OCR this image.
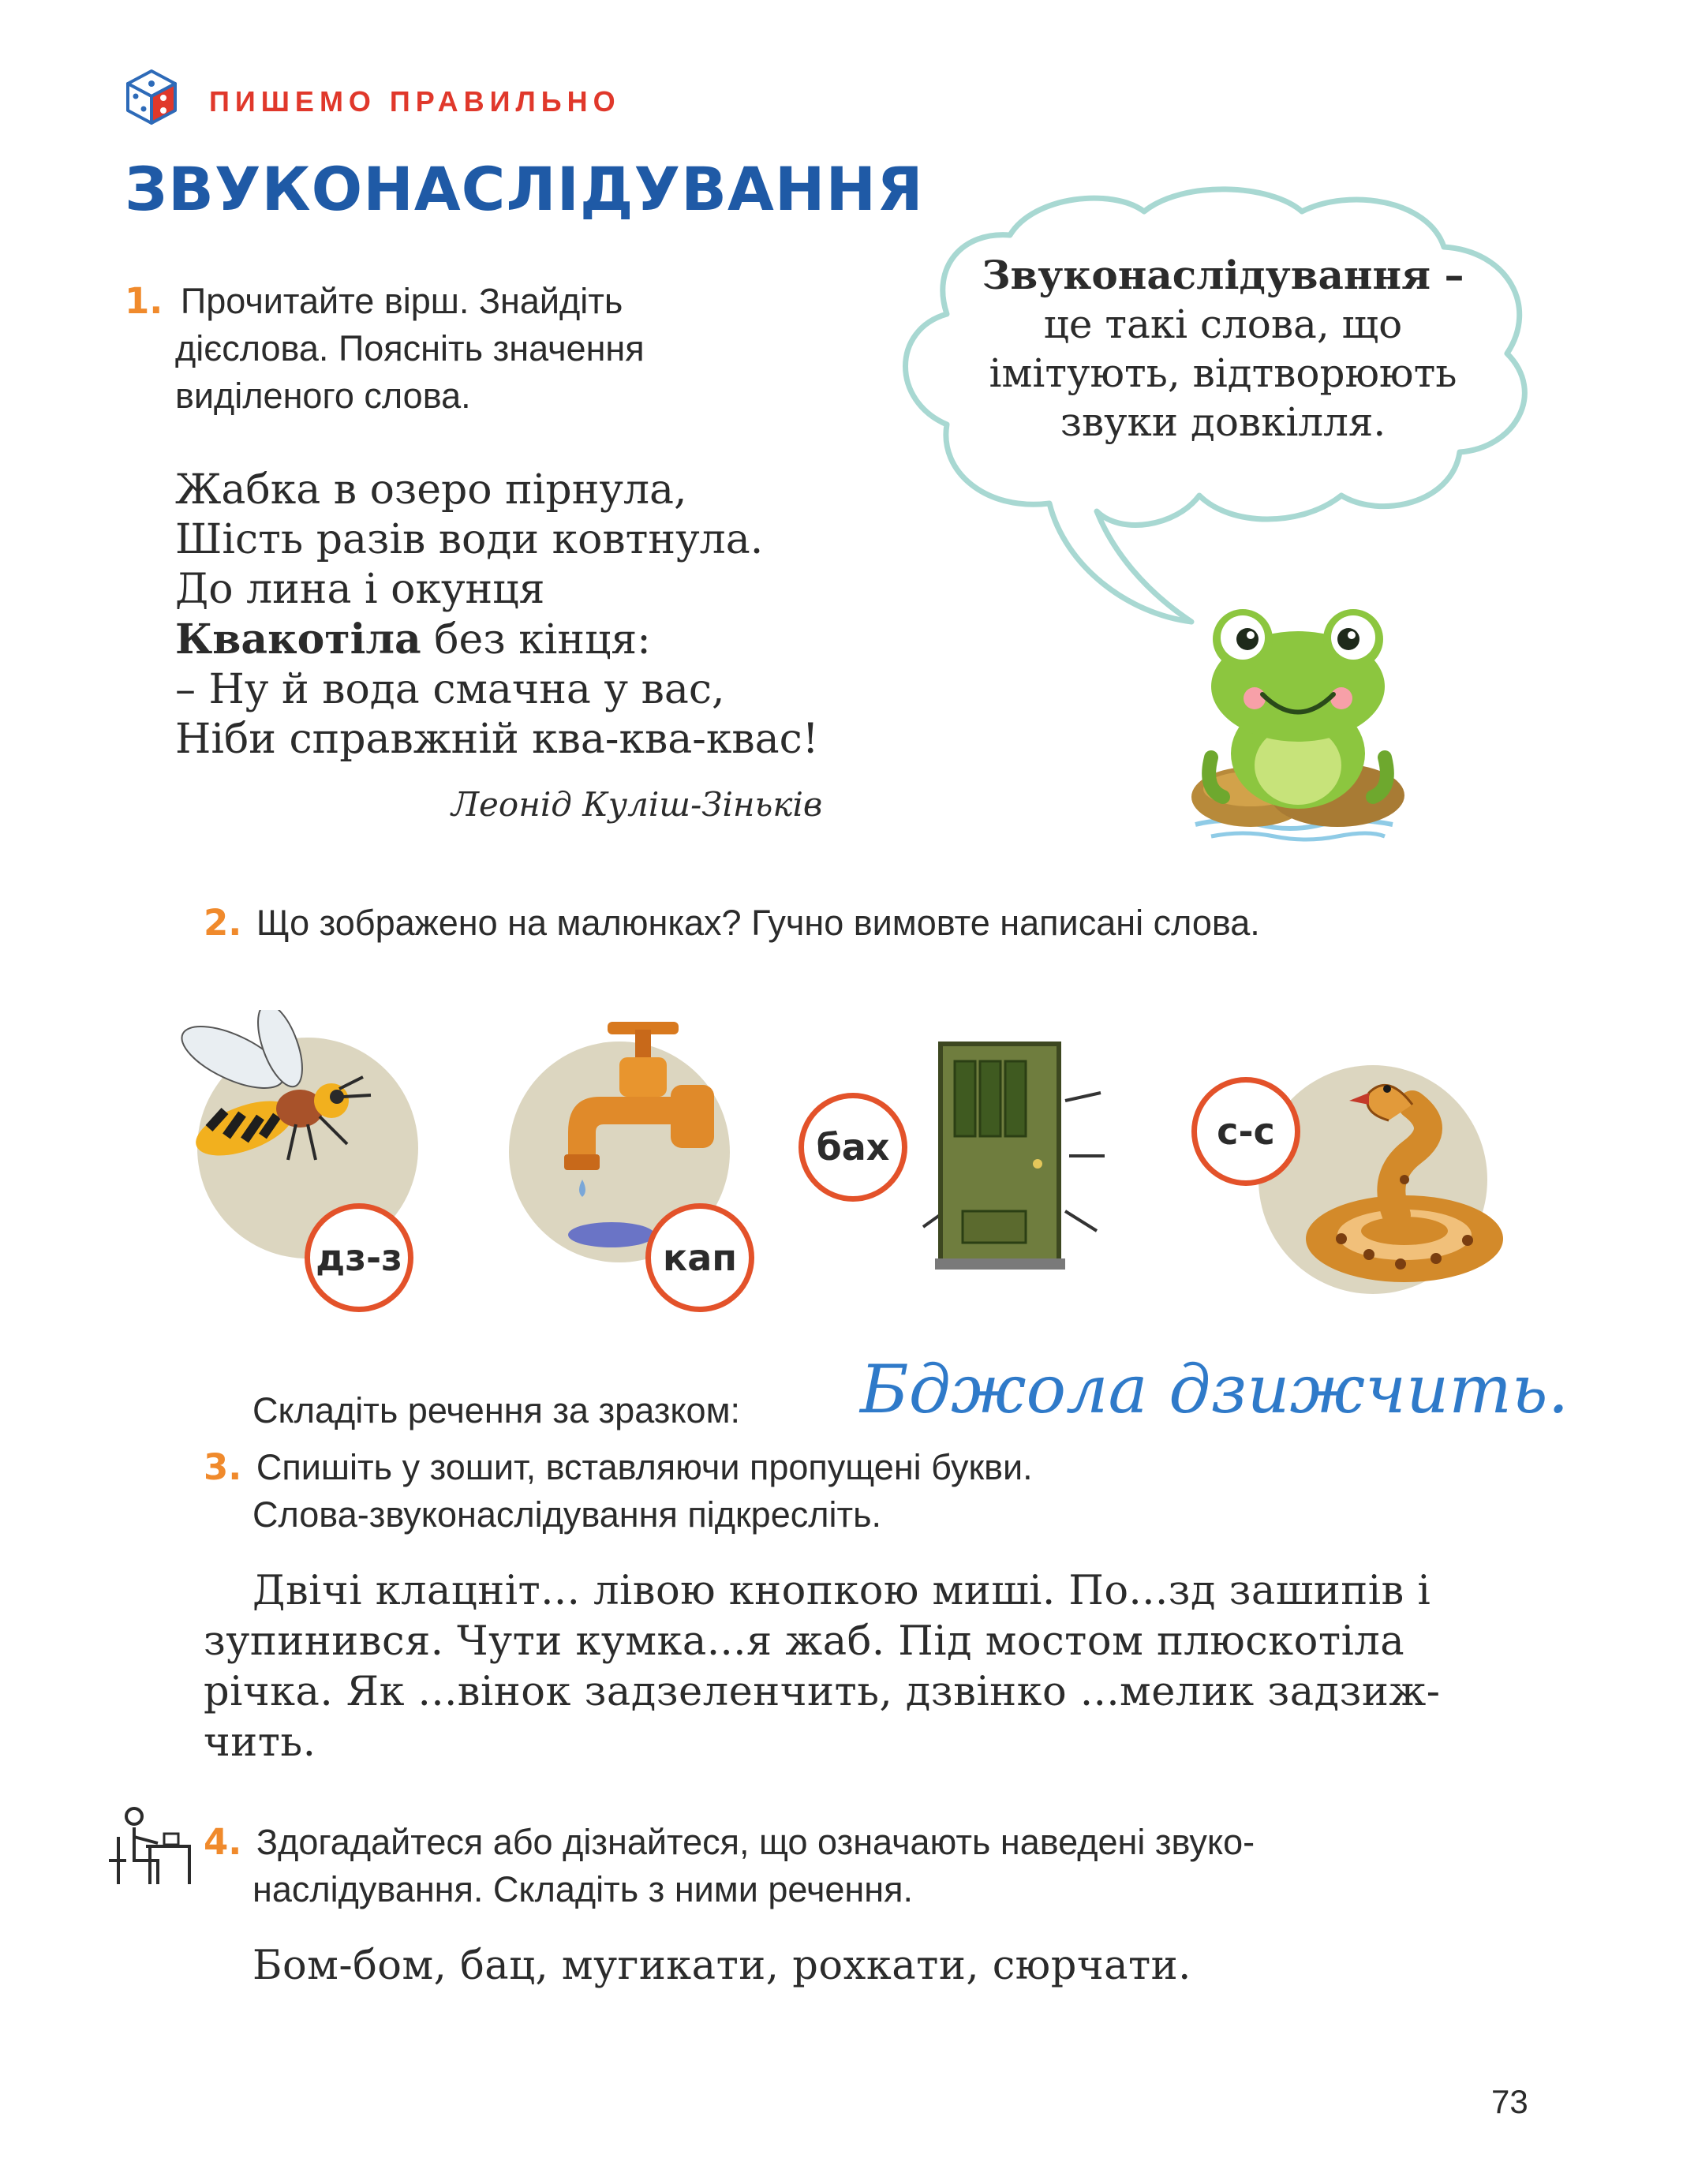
ПИШЕМО ПРАВИЛЬНО
ЗВУКОНАСЛІДУВАННЯ
1. Прочитайте вірш. Знайдіть
дієслова. Поясніть значення
виділеного слова.
Жабка в озеро пірнула,
Шість разів води ковтнула.
До лина і окунця
Квакотіла без кінця:
– Ну й вода смачна у вас,
Ніби справжній ква-ква-квас!
Леонід Куліш-Зіньків
Звуконаслідування –
це такі слова, що
імітують, відтворюють
звуки довкілля.
2. Що зображено на малюнках? Гучно вимовте написані слова.
дз-з	кап
бах	с-с
Складіть речення за зразком: Бджола дзижчить.
3. Спишіть у зошит, вставляючи пропущені букви.
Слова-звуконаслідування підкресліть.
Двічі клацніт... лівою кнопкою миші. По...зд зашипів і
зупинився. Чути кумка...я жаб. Під мостом плюскотіла
річка. Як ...вінок задзеленчить, дзвінко ...мелик задзиж-
чить.
4. Здогадайтеся або дізнайтеся, що означають наведені звуко-
наслідування. Складіть з ними речення.
Бом-бом, бац, мугикати, рохкати, сюрчати.
73
